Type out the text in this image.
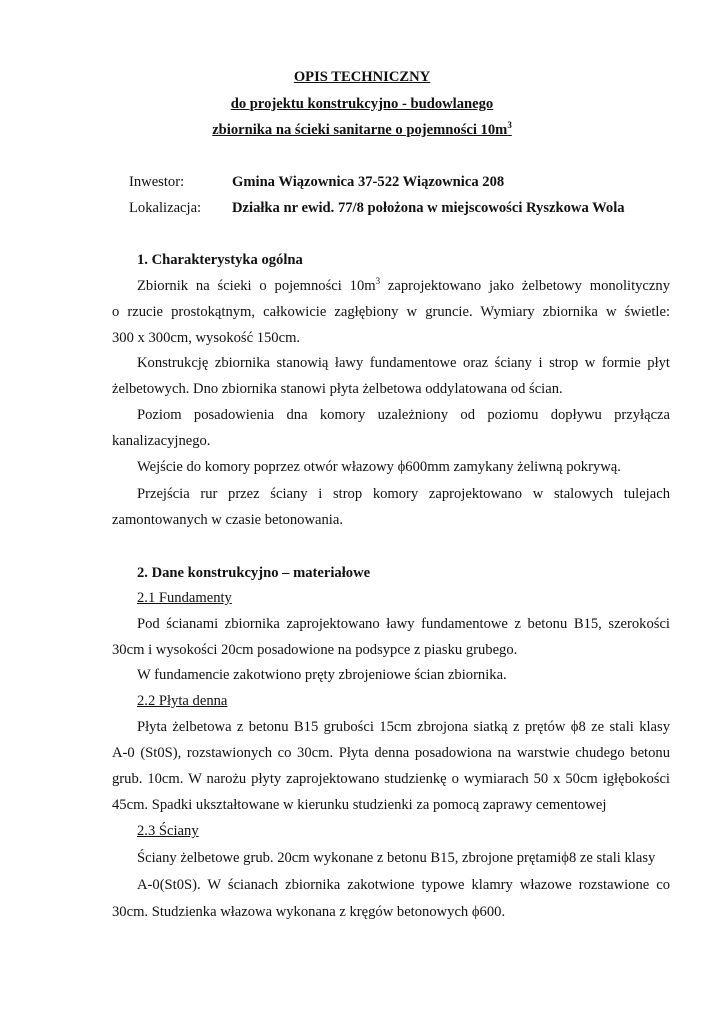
OPIS TECHNICZNY

do projektu konstrukcyjno - budowlanego

zbiornika na ścieki sanitarne o pojemności $10m^3$

Inwestor:	Gmina Wiązownica 37-522 Wiązownica 208

Lokalizacja: Działka nr ewid. 77/8 położona w miejscowości Ryszkowa Wola

1. Charakterystyka ogólna

Zbiornik na ścieki o pojemności $10m^3$ zaprojektowano jako żelbetowy monolityczny

o rzucie prostokątnym, całkowicie zagłębiony w gruncie. Wymiary zbiornika w świetle:

300 x 300cm, wysokość 150cm.

Konstrukcję zbiornika stanowią ławy fundamentowe oraz ściany i strop w formie płyt

żelbetowych. Dno zbiornika stanowi płyta żelbetowa oddylatowana od ścian.

Poziom posadowienia dna komory uzależniony od poziomu dopływu przyłącza

kanalizacyjnego.

Wejście do komory poprzez otwór włazowy ϕ600mm zamykany żeliwną pokrywą.

Przejścia rur przez ściany i strop komory zaprojektowano w stalowych tulejach

zamontowanych w czasie betonowania.

2. Dane konstrukcyjno – materiałowe

2.1 Fundamenty

Pod ścianami zbiornika zaprojektowano ławy fundamentowe z betonu B15, szerokości

30cm i wysokości 20cm posadowione na podsypce z piasku grubego.

W fundamencie zakotwiono pręty zbrojeniowe ścian zbiornika.

2.2 Płyta denna

Płyta żelbetowa z betonu B15 grubości 15cm zbrojona siatką z prętów ϕ8 ze stali klasy

A-0 (St0S), rozstawionych co 30cm. Płyta denna posadowiona na warstwie chudego betonu

grub. 10cm. W narożu płyty zaprojektowano studzienkę o wymiarach 50 x 50cm igłębokości

45cm. Spadki ukształtowane w kierunku studzienki za pomocą zaprawy cementowej

2.3 Ściany

Ściany żelbetowe grub. 20cm wykonane z betonu B15, zbrojone prętamiϕ8 ze stali klasy

A-0(St0S). W ścianach zbiornika zakotwione typowe klamry włazowe rozstawione co

30cm. Studzienka włazowa wykonana z kręgów betonowych ϕ600.
